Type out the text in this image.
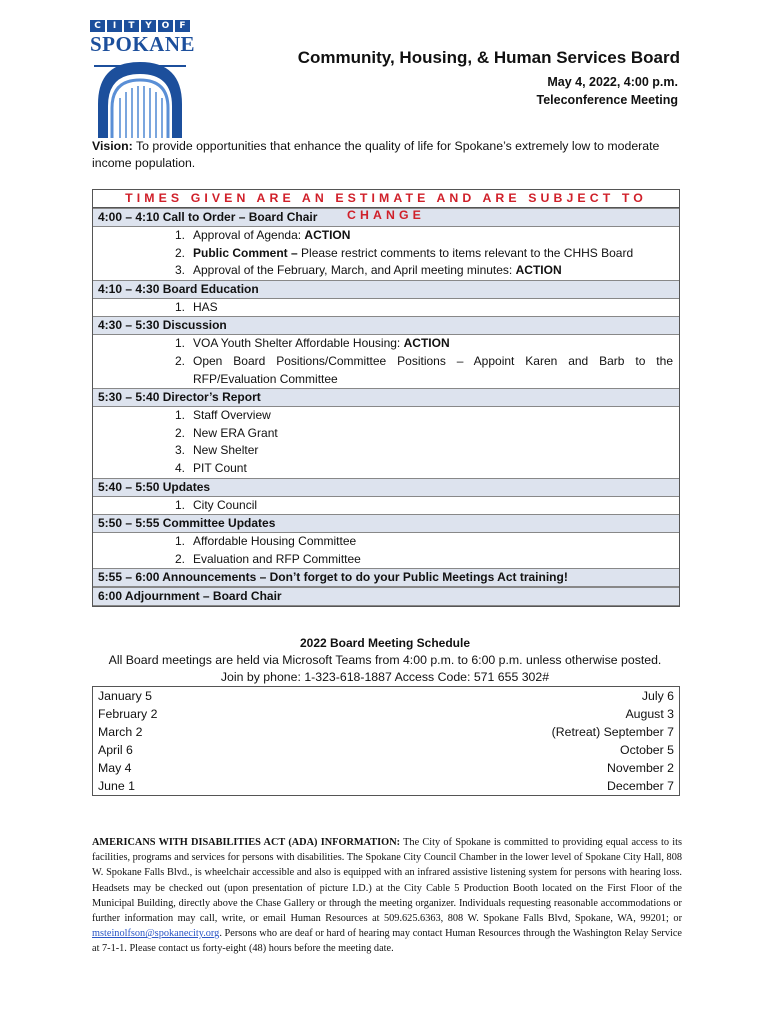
C	I	T	Y	O	F
SPOKANE
Community, Housing, & Human Services Board
May 4, 2022, 4:00 p.m.
Teleconference Meeting
Vision: To provide opportunities that enhance the quality of life for Spokane’s extremely low to moderate income population.
TIMES GIVEN ARE AN ESTIMATE AND ARE SUBJECT TO CHANGE
4:00 – 4:10 Call to Order – Board Chair
1. Approval of Agenda: ACTION
2. Public Comment – Please restrict comments to items relevant to the CHHS Board
3. Approval of the February, March, and April meeting minutes: ACTION
4:10 – 4:30 Board Education
1. HAS
4:30 – 5:30 Discussion
1. VOA Youth Shelter Affordable Housing: ACTION
2. Open Board Positions/Committee Positions – Appoint Karen and Barb to the RFP/Evaluation Committee
5:30 – 5:40 Director’s Report
1. Staff Overview
2. New ERA Grant
3. New Shelter
4. PIT Count
5:40 – 5:50 Updates
1. City Council
5:50 – 5:55 Committee Updates
1. Affordable Housing Committee
2. Evaluation and RFP Committee
5:55 – 6:00 Announcements – Don’t forget to do your Public Meetings Act training!
6:00 Adjournment – Board Chair
2022 Board Meeting Schedule
All Board meetings are held via Microsoft Teams from 4:00 p.m. to 6:00 p.m. unless otherwise posted.
Join by phone: 1-323-618-1887 Access Code: 571 655 302#
January 5	July 6
February 2	August 3
March 2	(Retreat) September 7
April 6	October 5
May 4	November 2
June 1	December 7
AMERICANS WITH DISABILITIES ACT (ADA) INFORMATION: The City of Spokane is committed to providing equal access to its facilities, programs and services for persons with disabilities. The Spokane City Council Chamber in the lower level of Spokane City Hall, 808 W. Spokane Falls Blvd., is wheelchair accessible and also is equipped with an infrared assistive listening system for persons with hearing loss. Headsets may be checked out (upon presentation of picture I.D.) at the City Cable 5 Production Booth located on the First Floor of the Municipal Building, directly above the Chase Gallery or through the meeting organizer. Individuals requesting reasonable accommodations or further information may call, write, or email Human Resources at 509.625.6363, 808 W. Spokane Falls Blvd, Spokane, WA, 99201; or msteinolfson@spokanecity.org. Persons who are deaf or hard of hearing may contact Human Resources through the Washington Relay Service at 7-1-1. Please contact us forty-eight (48) hours before the meeting date.
